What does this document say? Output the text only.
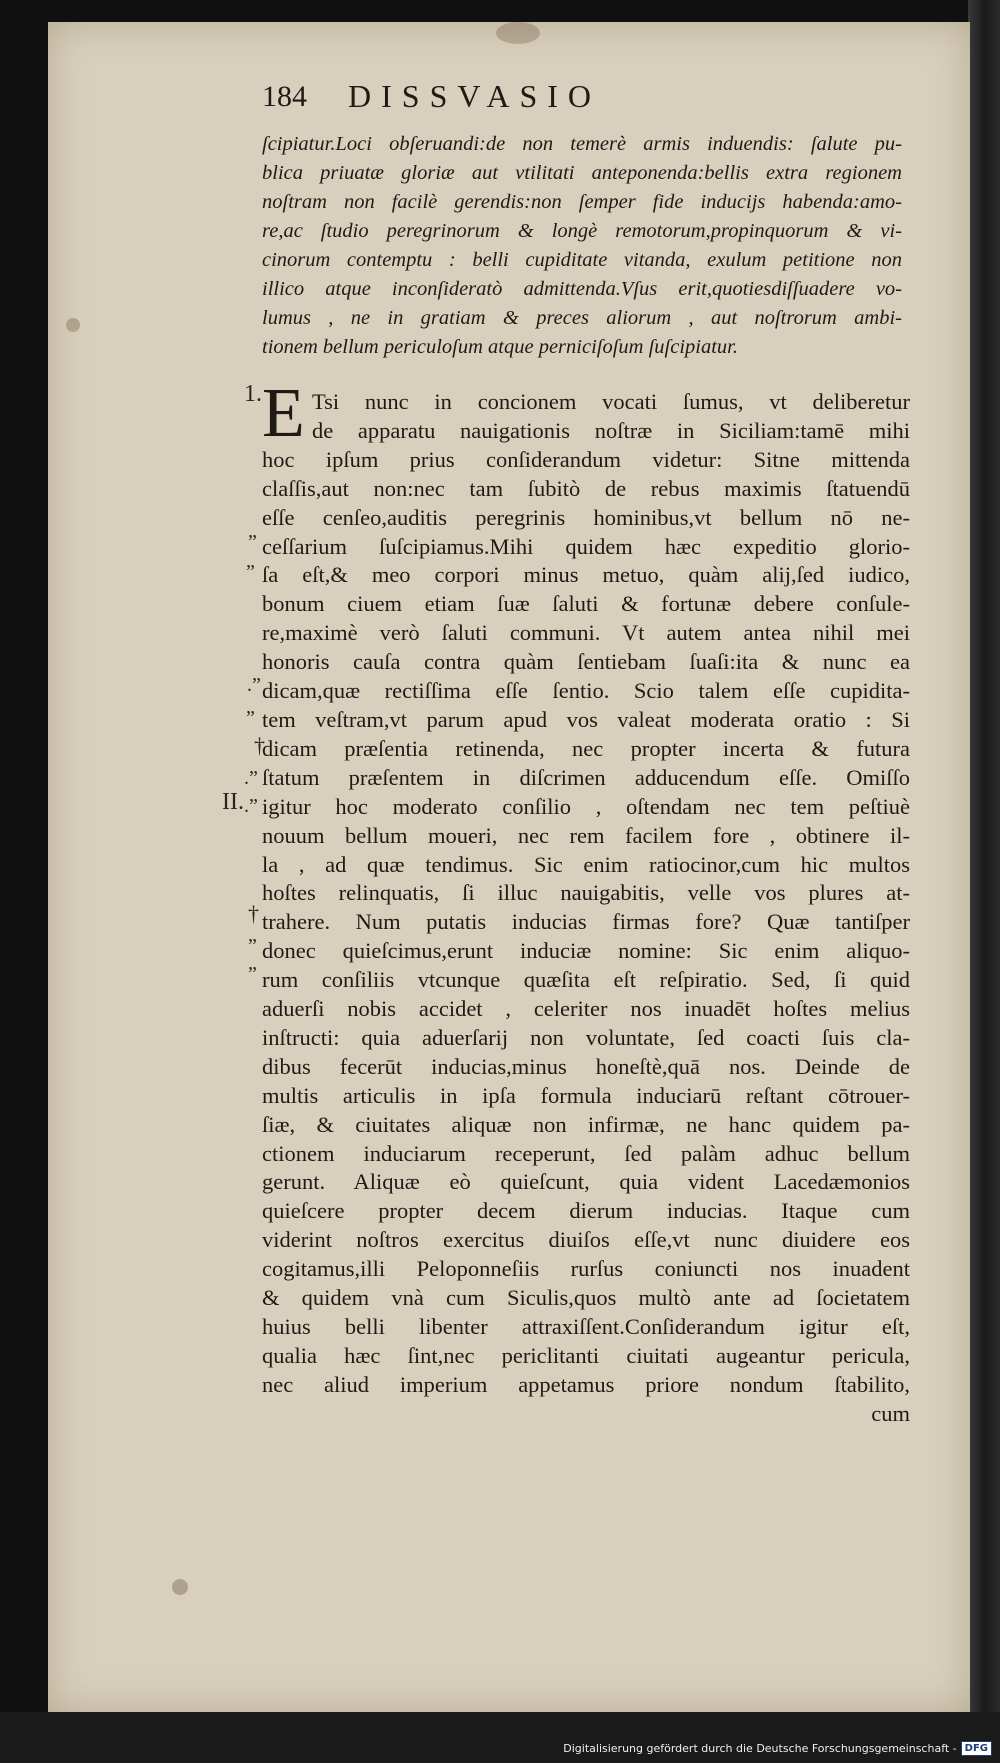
184 DISSVASIO
ſcipiatur.Loci obſeruandi:de non temerè armis induendis: ſalute pu-
blica priuatæ gloriæ aut vtilitati anteponenda:bellis extra regionem
noſtram non facilè gerendis:non ſemper fide inducijs habenda:amo-
re,ac ſtudio peregrinorum & longè remotorum,propinquorum & vi-
cinorum contemptu : belli cupiditate vitanda, exulum petitione non
illico atque inconſideratò admittenda.Vſus erit,quotiesdiſſuadere vo-
lumus , ne in gratiam & preces aliorum , aut noſtrorum ambi-
tionem bellum periculoſum atque perniciſoſum ſuſcipiatur.
E Tsi nunc in concionem vocati ſumus, vt deliberetur
de apparatu nauigationis noſtræ in Siciliam:tamē mihi
hoc ipſum prius conſiderandum videtur: Sitne mittenda
claſſis,aut non:nec tam ſubitò de rebus maximis ſtatuendū
eſſe cenſeo,auditis peregrinis hominibus,vt bellum nō ne-
ceſſarium ſuſcipiamus.Mihi quidem hæc expeditio glorio-
ſa eſt,& meo corpori minus metuo, quàm alij,ſed iudico,
bonum ciuem etiam ſuæ ſaluti & fortunæ debere conſule-
re,maximè verò ſaluti communi. Vt autem antea nihil mei
honoris cauſa contra quàm ſentiebam ſuaſi:ita & nunc ea
dicam,quæ rectiſſima eſſe ſentio. Scio talem eſſe cupidita-
tem veſtram,vt parum apud vos valeat moderata oratio : Si
dicam præſentia retinenda, nec propter incerta & futura
ſtatum præſentem in diſcrimen adducendum eſſe. Omiſſo
igitur hoc moderato conſilio , oſtendam nec tem peſtiuè
nouum bellum moueri, nec rem facilem fore , obtinere il-
la , ad quæ tendimus. Sic enim ratiocinor,cum hic multos
hoſtes relinquatis, ſi illuc nauigabitis, velle vos plures at-
trahere. Num putatis inducias firmas fore? Quæ tantiſper
donec quieſcimus,erunt induciæ nomine: Sic enim aliquo-
rum conſiliis vtcunque quæſita eſt reſpiratio. Sed, ſi quid
aduerſi nobis accidet , celeriter nos inuadēt hoſtes melius
inſtructi: quia aduerſarij non voluntate, ſed coacti ſuis cla-
dibus fecerūt inducias,minus honeſtè,quā nos. Deinde de
multis articulis in ipſa formula induciarū reſtant cōtrouer-
ſiæ, & ciuitates aliquæ non infirmæ, ne hanc quidem pa-
ctionem induciarum receperunt, ſed palàm adhuc bellum
gerunt. Aliquæ eò quieſcunt, quia vident Lacedæmonios
quieſcere propter decem dierum inducias. Itaque cum
viderint noſtros exercitus diuiſos eſſe,vt nunc diuidere eos
cogitamus,illi Peloponneſiis rurſus coniuncti nos inuadent
& quidem vnà cum Siculis,quos multò ante ad ſocietatem
huius belli libenter attraxiſſent.Conſiderandum igitur eſt,
qualia hæc ſint,nec periclitanti ciuitati augeantur pericula,
nec aliud imperium appetamus priore nondum ſtabilito,
cum
1.
”
”
.”
”
.”
†
.”
II.
†
”
”
Digitalisierung gefördert durch die Deutsche Forschungsgemeinschaft - DFG
